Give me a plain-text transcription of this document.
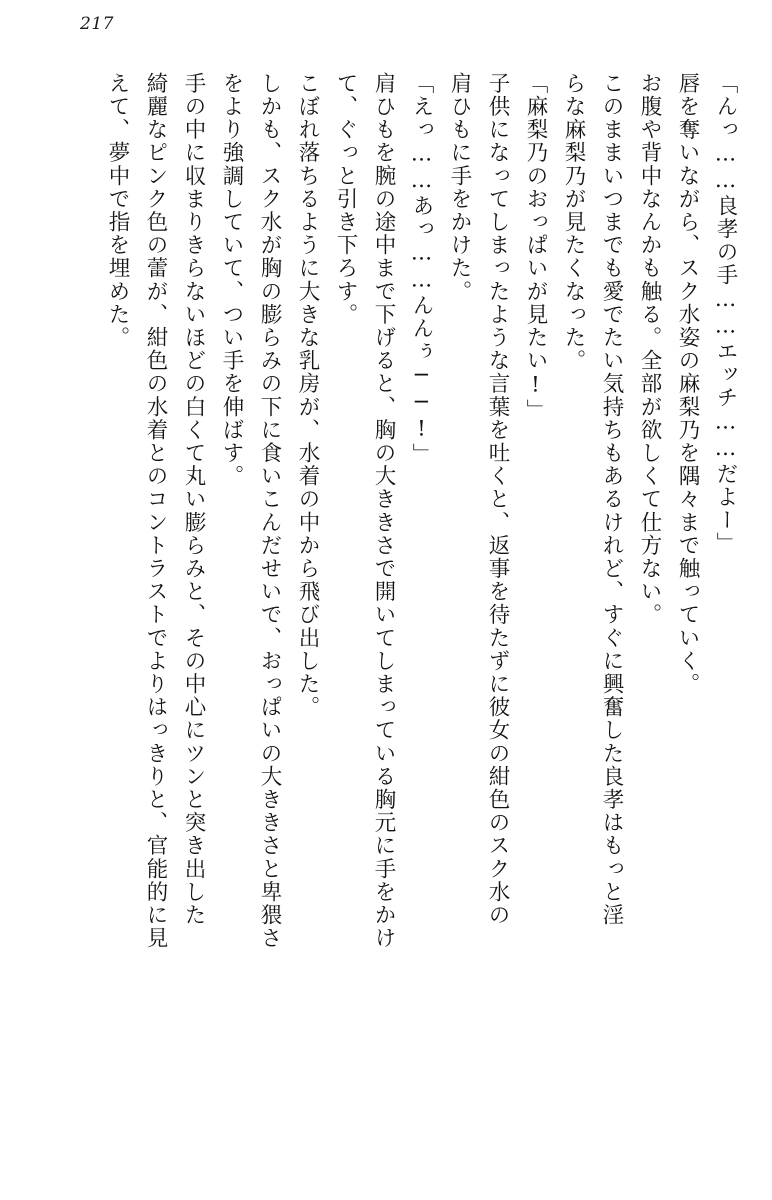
217
「んっ……良孝の手……エッチ……だよー」
唇を奪いながら、スク水姿の麻梨乃を隅々まで触っていく。
お腹や背中なんかも触る。全部が欲しくて仕方ない。
このままいつまでも愛でたい気持ちもあるけれど、すぐに興奮した良孝はもっと淫
らな麻梨乃が見たくなった。
「麻梨乃のおっぱいが見たい!」
子供になってしまったような言葉を吐くと、返事を待たずに彼女の紺色のスク水の
肩ひもに手をかけた。
「えっ……あっ……んんぅ──!」
肩ひもを腕の途中まで下げると、胸の大ききさで開いてしまっている胸元に手をかけ
て、ぐっと引き下ろす。
こぼれ落ちるように大きな乳房が、水着の中から飛び出した。
しかも、スク水が胸の膨らみの下に食いこんだせいで、おっぱいの大ききさと卑猥さ
をより強調していて、つい手を伸ばす。
手の中に収まりきらないほどの白くて丸い膨らみと、その中心にツンと突き出した
綺麗なピンク色の蕾が、紺色の水着とのコントラストでよりはっきりと、官能的に見
えて、夢中で指を埋めた。
